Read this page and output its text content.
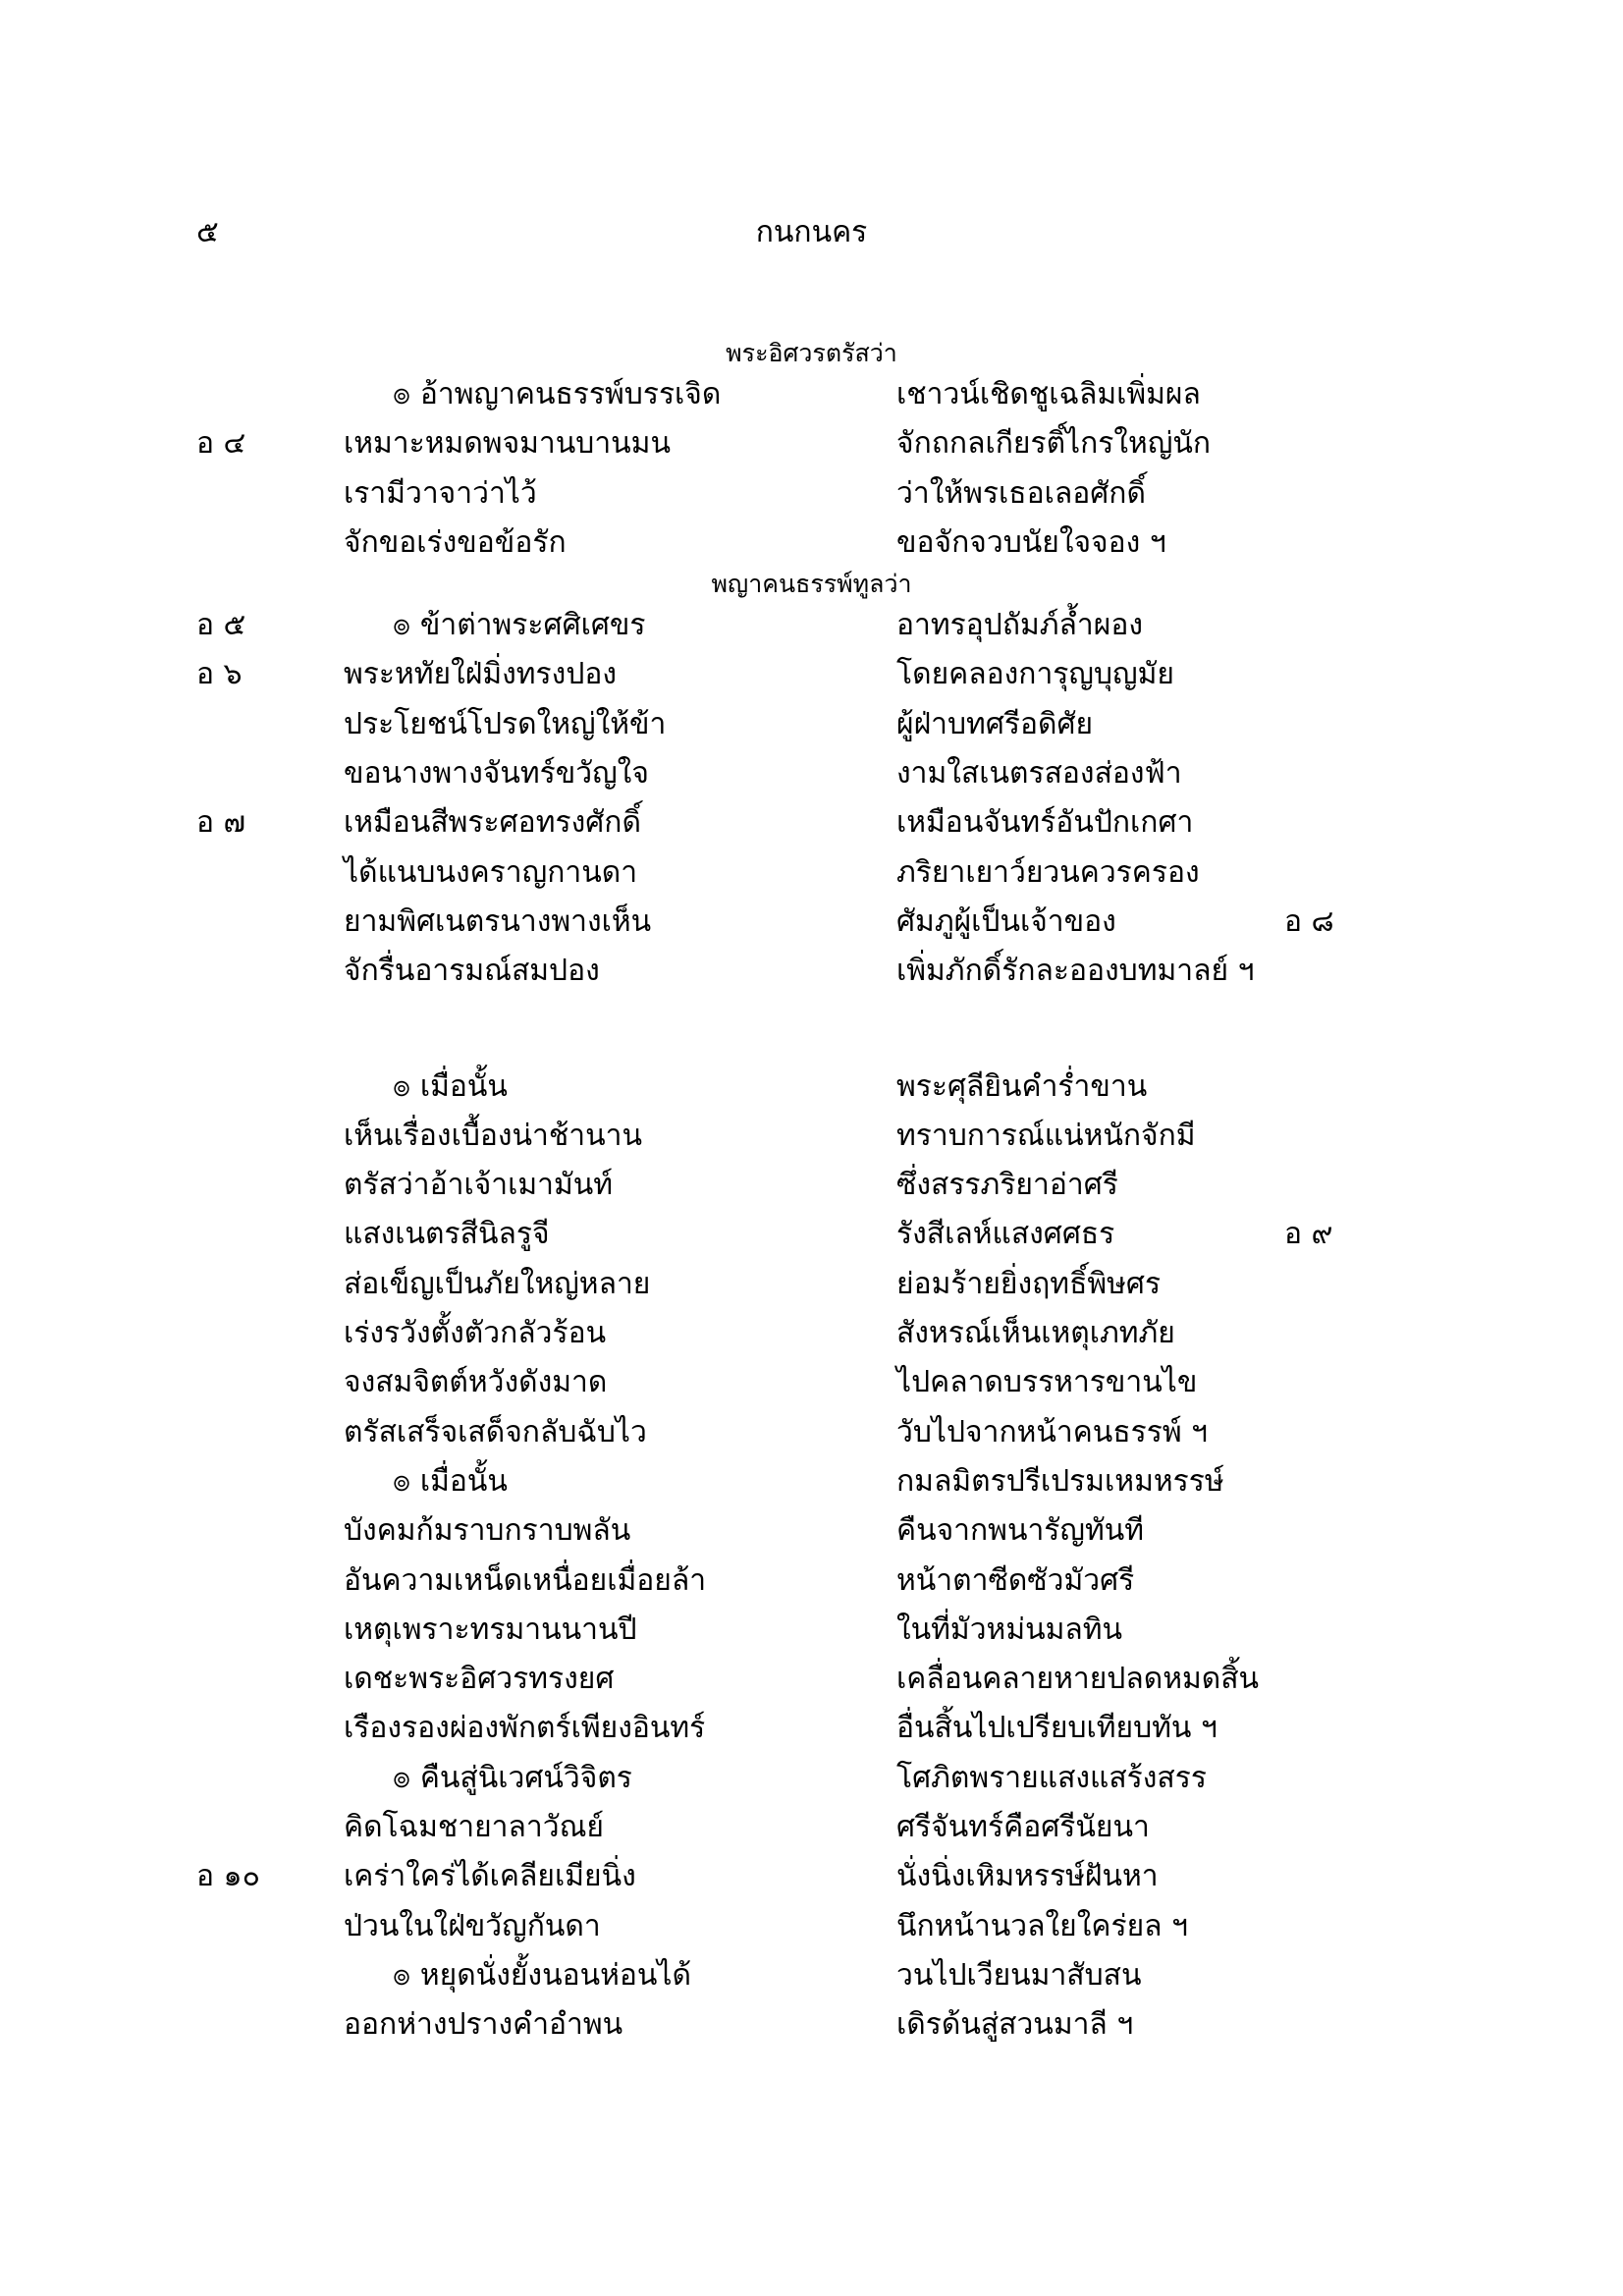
๕	กนกนคร
พระอิศวรตรัสว่า
๏ อ้าพญาคนธรรพ์บรรเจิด	เชาวน์เชิดชูเฉลิมเพิ่มผล
อ ๔	เหมาะหมดพจมานบานมน	จักถกลเกียรติ์ไกรใหญ่นัก
เรามีวาจาว่าไว้	ว่าให้พรเธอเลอศักดิ์
จักขอเร่งขอข้อรัก	ขอจักจวบนัยใจจอง ฯ
พญาคนธรรพ์ทูลว่า
อ ๕	๏ ข้าต่าพระศศิเศขร	อาทรอุปถัมภ์ล้ำผอง
อ ๖	พระหทัยใฝ่มิ่งทรงปอง	โดยคลองการุญบุญมัย
ประโยชน์โปรดใหญ่ให้ข้า	ผู้ฝ่าบทศรีอดิศัย
ขอนางพางจันทร์ขวัญใจ	งามใสเนตรสองส่องฟ้า
อ ๗	เหมือนสีพระศอทรงศักดิ์	เหมือนจันทร์อันปักเกศา
ได้แนบนงคราญกานดา	ภริยาเยาว์ยวนควรครอง
ยามพิศเนตรนางพางเห็น	ศัมภูผู้เป็นเจ้าของ	อ ๘
จักรื่นอารมณ์สมปอง	เพิ่มภักดิ์รักละอองบทมาลย์ ฯ
๏ เมื่อนั้น	พระศุลียินคำร่ำขาน
เห็นเรื่องเบื้องน่าช้านาน	ทราบการณ์แน่หนักจักมี
ตรัสว่าอ้าเจ้าเมามันท์	ซึ่งสรรภริยาอ่าศรี
แสงเนตรสีนิลรูจี	รังสีเลห์แสงศศธร	อ ๙
ส่อเข็ญเป็นภัยใหญ่หลาย	ย่อมร้ายยิ่งฤทธิ์พิษศร
เร่งรวังตั้งตัวกลัวร้อน	สังหรณ์เห็นเหตุเภทภัย
จงสมจิตต์หวังดังมาด	ไปคลาดบรรหารขานไข
ตรัสเสร็จเสด็จกลับฉับไว	วับไปจากหน้าคนธรรพ์ ฯ
๏ เมื่อนั้น	กมลมิตรปรีเปรมเหมหรรษ์
บังคมก้มราบกราบพลัน	คืนจากพนารัญทันที
อันความเหน็ดเหนื่อยเมื่อยล้า	หน้าตาซีดซัวมัวศรี
เหตุเพราะทรมานนานปี	ในที่มัวหม่นมลทิน
เดชะพระอิศวรทรงยศ	เคลื่อนคลายหายปลดหมดสิ้น
เรืองรองผ่องพักตร์เพียงอินทร์	อื่นสิ้นไปเปรียบเทียบทัน ฯ
๏ คืนสู่นิเวศน์วิจิตร	โศภิตพรายแสงแสร้งสรร
คิดโฉมชายาลาวัณย์	ศรีจันทร์คือศรีนัยนา
อ ๑๐	เคร่าใคร่ได้เคลียเมียนิ่ง	นั่งนิ่งเหิมหรรษ์ฝันหา
ป่วนในใฝ่ขวัญกันดา	นึกหน้านวลใยใคร่ยล ฯ
๏ หยุดนั่งยั้งนอนห่อนได้	วนไปเวียนมาสับสน
ออกห่างปรางคำอำพน	เดิรด้นสู่สวนมาลี ฯ
